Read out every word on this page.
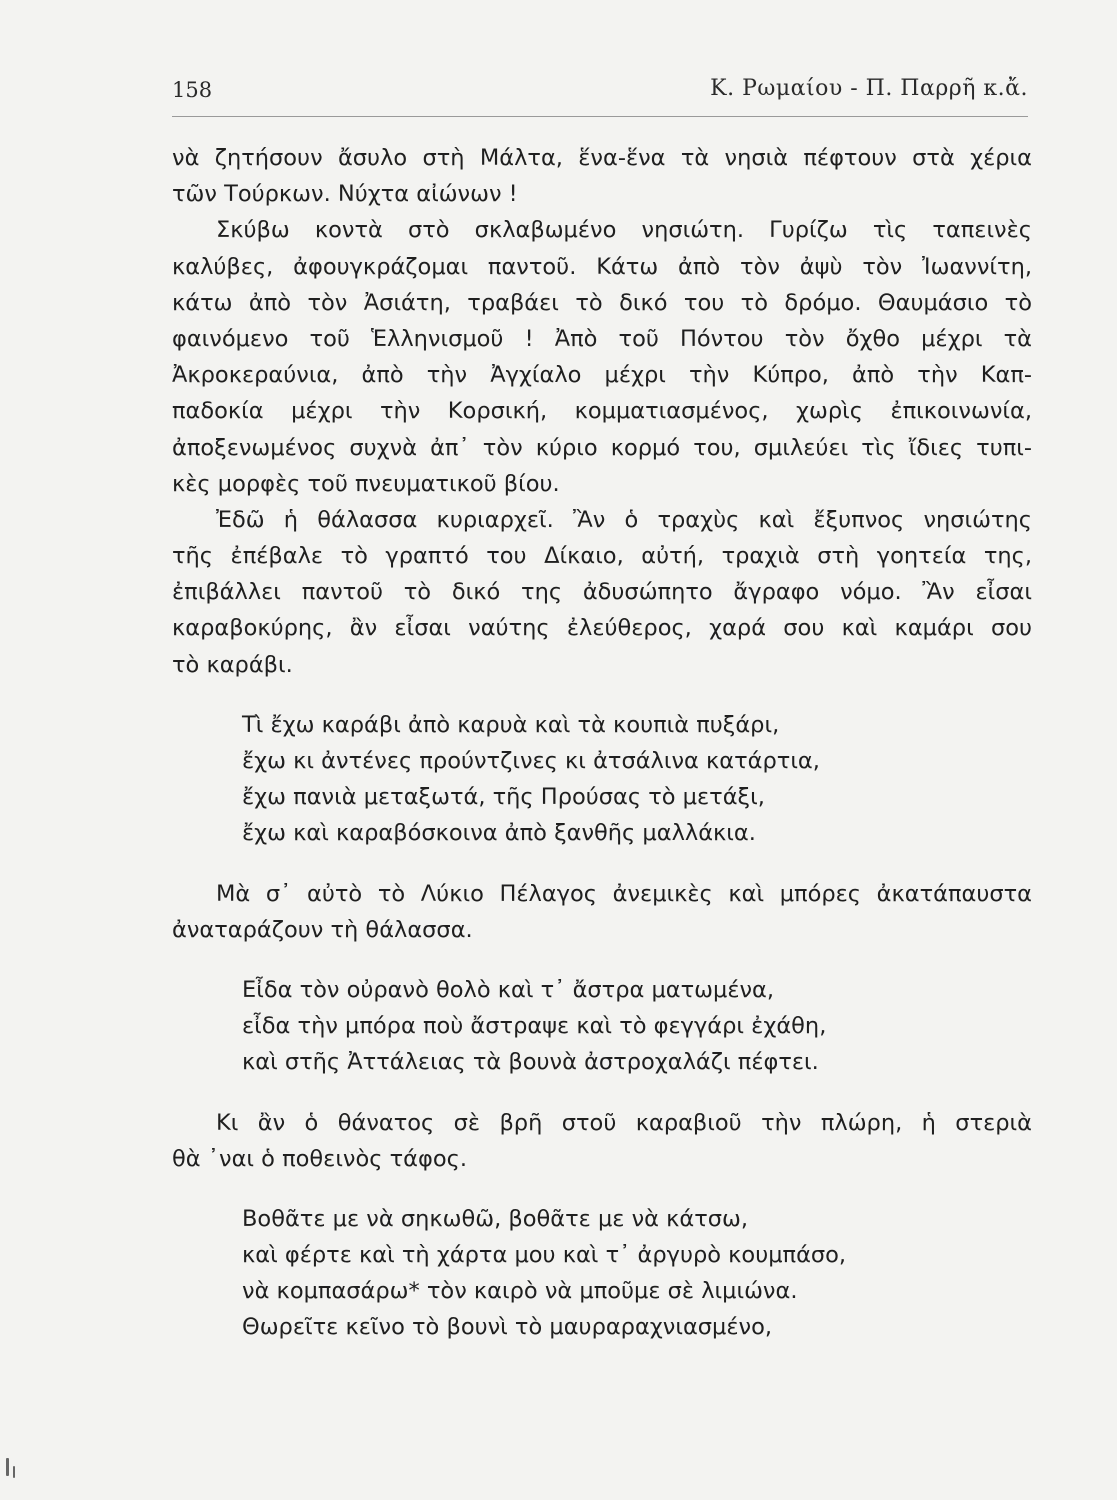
158	Κ. Ρωμαίου - Π. Παρρῆ κ.ἄ.
νὰ ζητήσουν ἄσυλο στὴ Μάλτα, ἕνα-ἕνα τὰ νησιὰ πέφτουν στὰ χέρια
τῶν Τούρκων. Νύχτα αἰώνων !
Σκύβω κοντὰ στὸ σκλαβωμένο νησιώτη. Γυρίζω τὶς ταπεινὲς
καλύβες, ἀφουγκράζομαι παντοῦ. Κάτω ἀπὸ τὸν ἀψὺ τὸν Ἰωαννίτη,
κάτω ἀπὸ τὸν Ἀσιάτη, τραβάει τὸ δικό του τὸ δρόμο. Θαυμάσιο τὸ
φαινόμενο τοῦ Ἑλληνισμοῦ ! Ἀπὸ τοῦ Πόντου τὸν ὄχθο μέχρι τὰ
Ἀκροκεραύνια, ἀπὸ τὴν Ἀγχίαλο μέχρι τὴν Κύπρο, ἀπὸ τὴν Καπ-
παδοκία μέχρι τὴν Κορσική, κομματιασμένος, χωρὶς ἐπικοινωνία,
ἀποξενωμένος συχνὰ ἀπ᾿ τὸν κύριο κορμό του, σμιλεύει τὶς ἴδιες τυπι-
κὲς μορφὲς τοῦ πνευματικοῦ βίου.
Ἐδῶ ἡ θάλασσα κυριαρχεῖ. Ἂν ὁ τραχὺς καὶ ἔξυπνος νησιώτης
τῆς ἐπέβαλε τὸ γραπτό του Δίκαιο, αὐτή, τραχιὰ στὴ γοητεία της,
ἐπιβάλλει παντοῦ τὸ δικό της ἀδυσώπητο ἄγραφο νόμο. Ἂν εἶσαι
καραβοκύρης, ἂν εἶσαι ναύτης ἐλεύθερος, χαρά σου καὶ καμάρι σου
τὸ καράβι.
Τὶ ἔχω καράβι ἀπὸ καρυὰ καὶ τὰ κουπιὰ πυξάρι,
ἔχω κι ἀντένες προύντζινες κι ἀτσάλινα κατάρτια,
ἔχω πανιὰ μεταξωτά, τῆς Προύσας τὸ μετάξι,
ἔχω καὶ καραβόσκοινα ἀπὸ ξανθῆς μαλλάκια.
Μὰ σ᾿ αὐτὸ τὸ Λύκιο Πέλαγος ἀνεμικὲς καὶ μπόρες ἀκατάπαυστα
ἀναταράζουν τὴ θάλασσα.
Εἶδα τὸν οὐρανὸ θολὸ καὶ τ᾿ ἄστρα ματωμένα,
εἶδα τὴν μπόρα ποὺ ἄστραψε καὶ τὸ φεγγάρι ἐχάθη,
καὶ στῆς Ἀττάλειας τὰ βουνὰ ἀστροχαλάζι πέφτει.
Κι ἂν ὁ θάνατος σὲ βρῆ στοῦ καραβιοῦ τὴν πλώρη, ἡ στεριὰ
θὰ ᾿ναι ὁ ποθεινὸς τάφος.
Βοθᾶτε με νὰ σηκωθῶ, βοθᾶτε με νὰ κάτσω,
καὶ φέρτε καὶ τὴ χάρτα μου καὶ τ᾿ ἀργυρὸ κουμπάσο,
νὰ κομπασάρω* τὸν καιρὸ νὰ μποῦμε σὲ λιμιώνα.
Θωρεῖτε κεῖνο τὸ βουνὶ τὸ μαυραραχνιασμένο,
